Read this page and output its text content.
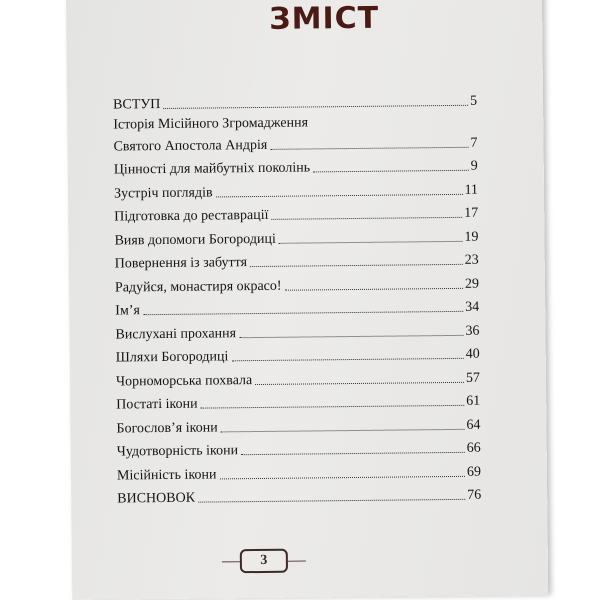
ЗМІСТ
ВСТУП	5
Історія Місійного Згромадження
Святого Апостола Андрія	7
Цінності для майбутніх поколінь	9
Зустріч поглядів	11
Підготовка до реставрації	17
Вияв допомоги Богородиці	19
Повернення із забуття	23
Радуйся, монастиря окрасо!	29
Ім’я	34
Вислухані прохання	36
Шляхи Богородиці	40
Чорноморська похвала	57
Постаті ікони	61
Богослов’я ікони	64
Чудотворність ікони	66
Місійність ікони	69
ВИСНОВОК	76
3
